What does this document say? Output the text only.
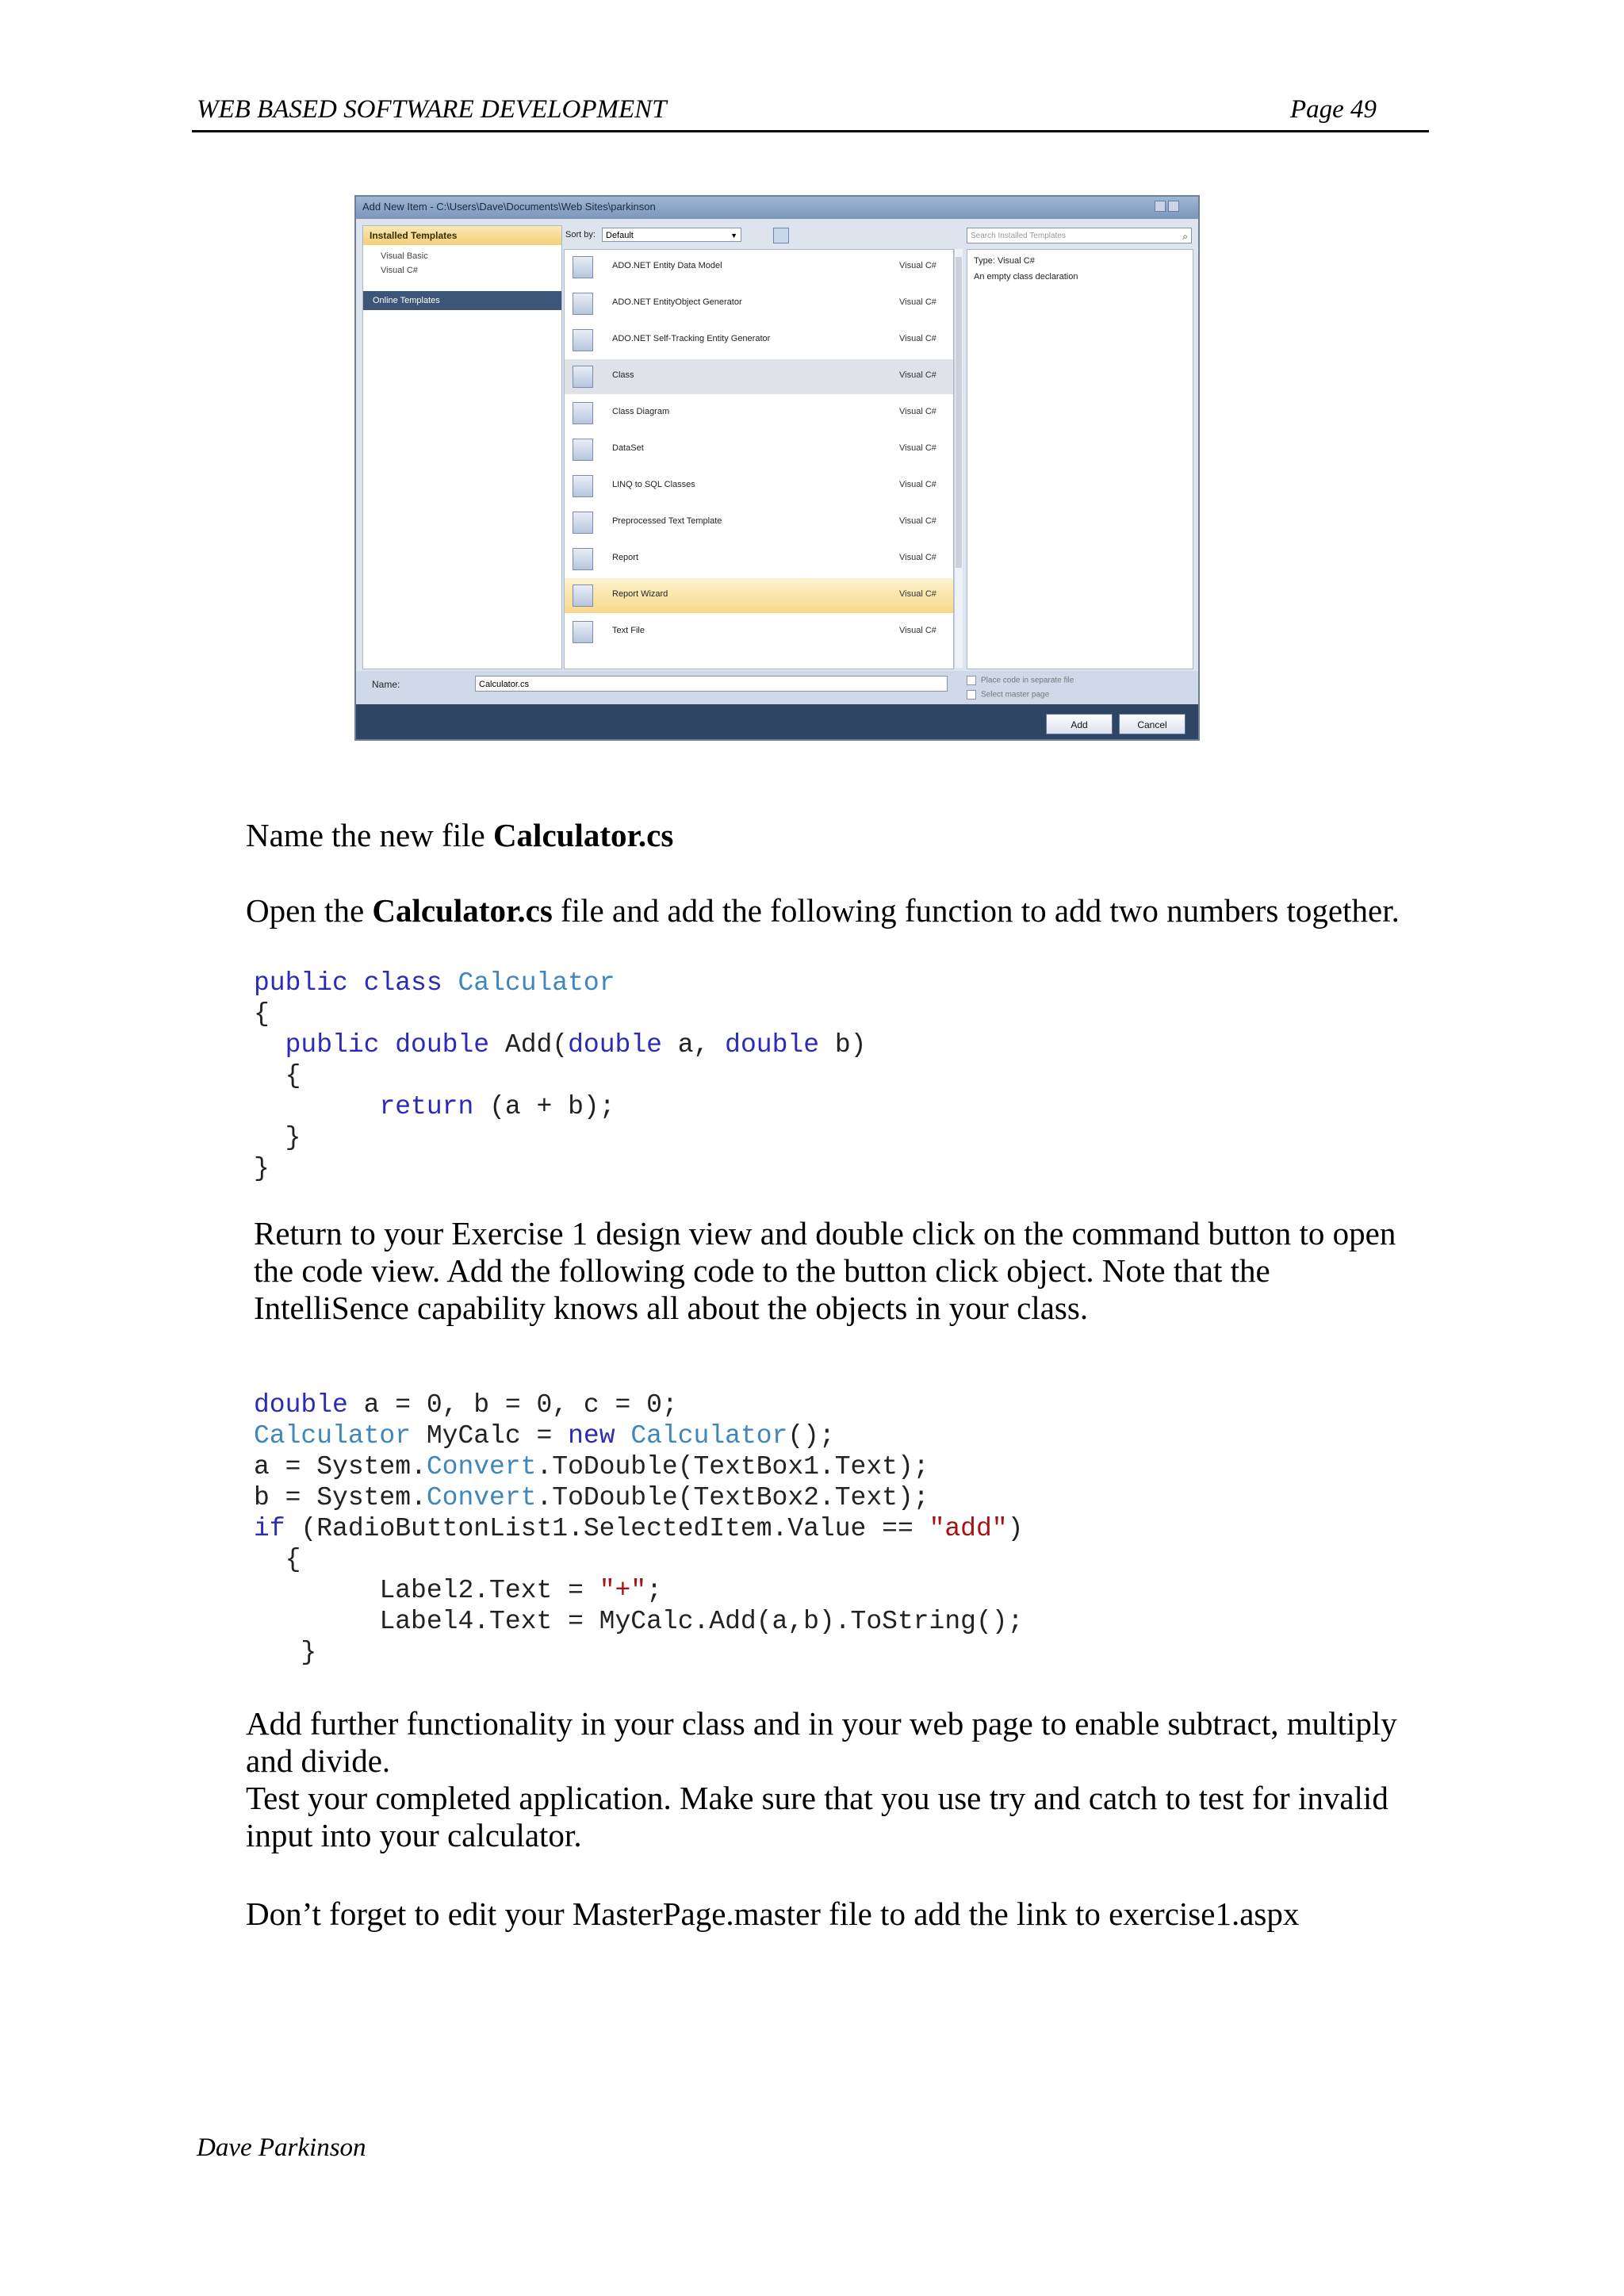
WEB BASED SOFTWARE DEVELOPMENT	Page 49
Add New Item - C:\Users\Dave\Documents\Web Sites\parkinson
Installed Templates
Visual Basic
Visual C#
Online Templates
Sort by:	Default	▼
ADO.NET Entity Data Model	Visual C#
ADO.NET EntityObject Generator	Visual C#
ADO.NET Self-Tracking Entity Generator	Visual C#
Class	Visual C#
Class Diagram	Visual C#
DataSet	Visual C#
LINQ to SQL Classes	Visual C#
Preprocessed Text Template	Visual C#
Report	Visual C#
Report Wizard	Visual C#
Text File	Visual C#
Search Installed Templates	⌕
Type: Visual C#
An empty class declaration
Name:	Calculator.cs	Place code in separate file
Select master page
Add	Cancel
Name the new file Calculator.cs
Open the Calculator.cs file and add the following function to add two numbers together.
public class Calculator
{
public double Add(double a, double b)
{
return (a + b);
}
}
Return to your Exercise 1 design view and double click on the command button to open
the code view. Add the following code to the button click object. Note that the
IntelliSence capability knows all about the objects in your class.
double a = 0, b = 0, c = 0;
Calculator MyCalc = new Calculator();
a = System.Convert.ToDouble(TextBox1.Text);
b = System.Convert.ToDouble(TextBox2.Text);
if (RadioButtonList1.SelectedItem.Value == "add")
{
Label2.Text = "+";
Label4.Text = MyCalc.Add(a,b).ToString();
}
Add further functionality in your class and in your web page to enable subtract, multiply
and divide.
Test your completed application. Make sure that you use try and catch to test for invalid
input into your calculator.
Don’t forget to edit your MasterPage.master file to add the link to exercise1.aspx
Dave Parkinson
